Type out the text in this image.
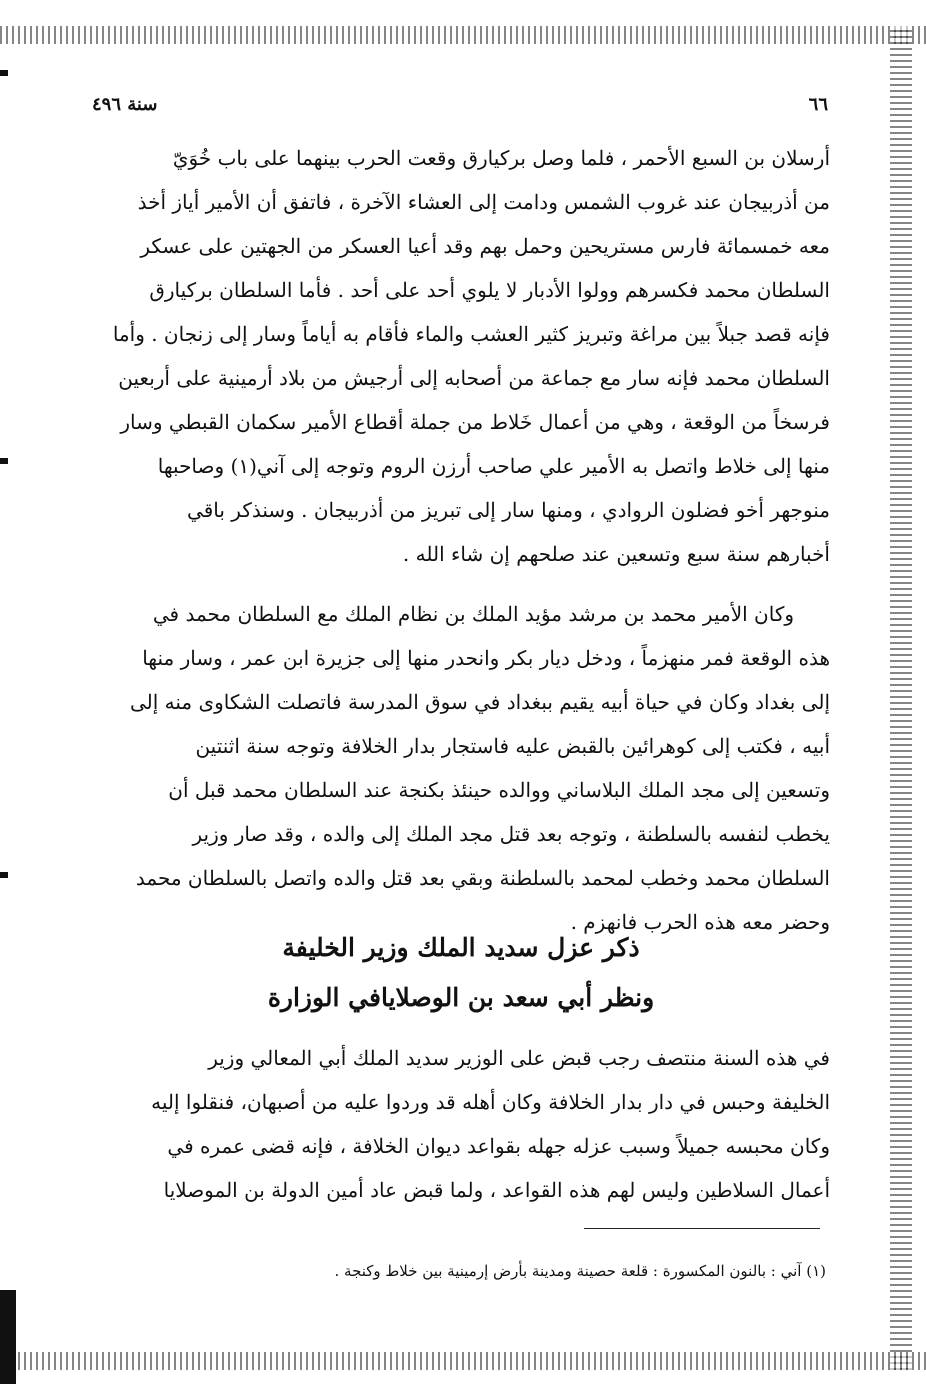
٦٦
سنة ٤٩٦

أرسلان بن السبع الأحمر ، فلما وصل بركيارق وقعت الحرب بينهما على باب خُوَيّ

من أذربيجان عند غروب الشمس ودامت إلى العشاء الآخرة ، فاتفق أن الأمير أياز أخذ

معه خمسمائة فارس مستريحين وحمل بهم وقد أعيا العسكر من الجهتين على عسكر

السلطان محمد فكسرهم وولوا الأدبار لا يلوي أحد على أحد . فأما السلطان بركيارق

فإنه قصد جبلاً بين مراغة وتبريز كثير العشب والماء فأقام به أياماً وسار إلى زنجان . وأما

السلطان محمد فإنه سار مع جماعة من أصحابه إلى أرجيش من بلاد أرمينية على أربعين

فرسخاً من الوقعة ، وهي من أعمال خَلاط من جملة أقطاع الأمير سكمان القبطي وسار

منها إلى خلاط واتصل به الأمير علي صاحب أرزن الروم وتوجه إلى آني(١) وصاحبها

منوجهر أخو فضلون الروادي ، ومنها سار إلى تبريز من أذربيجان . وسنذكر باقي

أخبارهم سنة سبع وتسعين عند صلحهم إن شاء الله .

وكان الأمير محمد بن مرشد مؤيد الملك بن نظام الملك مع السلطان محمد في

هذه الوقعة فمر منهزماً ، ودخل ديار بكر وانحدر منها إلى جزيرة ابن عمر ، وسار منها

إلى بغداد وكان في حياة أبيه يقيم ببغداد في سوق المدرسة فاتصلت الشكاوى منه إلى

أبيه ، فكتب إلى كوهرائين بالقبض عليه فاستجار بدار الخلافة وتوجه سنة اثنتين

وتسعين إلى مجد الملك البلاساني ووالده حينئذ بكنجة عند السلطان محمد قبل أن

يخطب لنفسه بالسلطنة ، وتوجه بعد قتل مجد الملك إلى والده ، وقد صار وزير

السلطان محمد وخطب لمحمد بالسلطنة وبقي بعد قتل والده واتصل بالسلطان محمد

وحضر معه هذه الحرب فانهزم .

ذكر عزل سديد الملك وزير الخليفة
ونظر أبي سعد بن الوصلايافي الوزارة

في هذه السنة منتصف رجب قبض على الوزير سديد الملك أبي المعالي وزير

الخليفة وحبس في دار بدار الخلافة وكان أهله قد وردوا عليه من أصبهان، فنقلوا إليه

وكان محبسه جميلاً وسبب عزله جهله بقواعد ديوان الخلافة ، فإنه قضى عمره في

أعمال السلاطين وليس لهم هذه القواعد ، ولما قبض عاد أمين الدولة بن الموصلايا

(١) آني : بالنون المكسورة : قلعة حصينة ومدينة بأرض إرمينية بين خلاط وكنجة .
